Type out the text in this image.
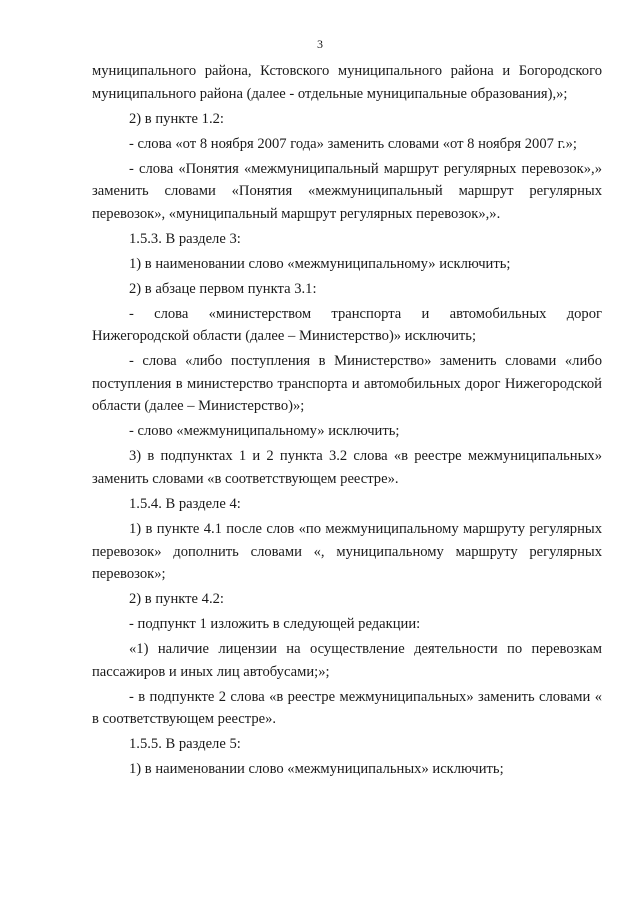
3

муниципального района, Кстовского муниципального района и Богородского муниципального района (далее - отдельные муниципальные образования),»;

2) в пункте 1.2:

- слова «от 8 ноября 2007 года» заменить словами «от 8 ноября 2007 г.»;

- слова «Понятия «межмуниципальный маршрут регулярных перевозок»,» заменить словами «Понятия «межмуниципальный маршрут регулярных перевозок», «муниципальный маршрут регулярных перевозок»,».

1.5.3. В разделе 3:

1) в наименовании слово «межмуниципальному» исключить;

2) в абзаце первом пункта 3.1:

- слова «министерством транспорта и автомобильных дорог Нижегородской области (далее – Министерство)» исключить;

- слова «либо поступления в Министерство» заменить словами «либо поступления в министерство транспорта и автомобильных дорог Нижегородской области (далее – Министерство)»;

- слово «межмуниципальному» исключить;

3) в подпунктах 1 и 2 пункта 3.2 слова «в реестре межмуниципальных» заменить словами «в соответствующем реестре».

1.5.4. В разделе 4:

1) в пункте 4.1 после слов «по межмуниципальному маршруту регулярных перевозок» дополнить словами «, муниципальному маршруту регулярных перевозок»;

2) в пункте 4.2:

- подпункт 1 изложить в следующей редакции:

«1) наличие лицензии на осуществление деятельности по перевозкам пассажиров и иных лиц автобусами;»;

- в подпункте 2 слова «в реестре межмуниципальных» заменить словами « в соответствующем реестре».

1.5.5. В разделе 5:

1) в наименовании слово «межмуниципальных» исключить;
